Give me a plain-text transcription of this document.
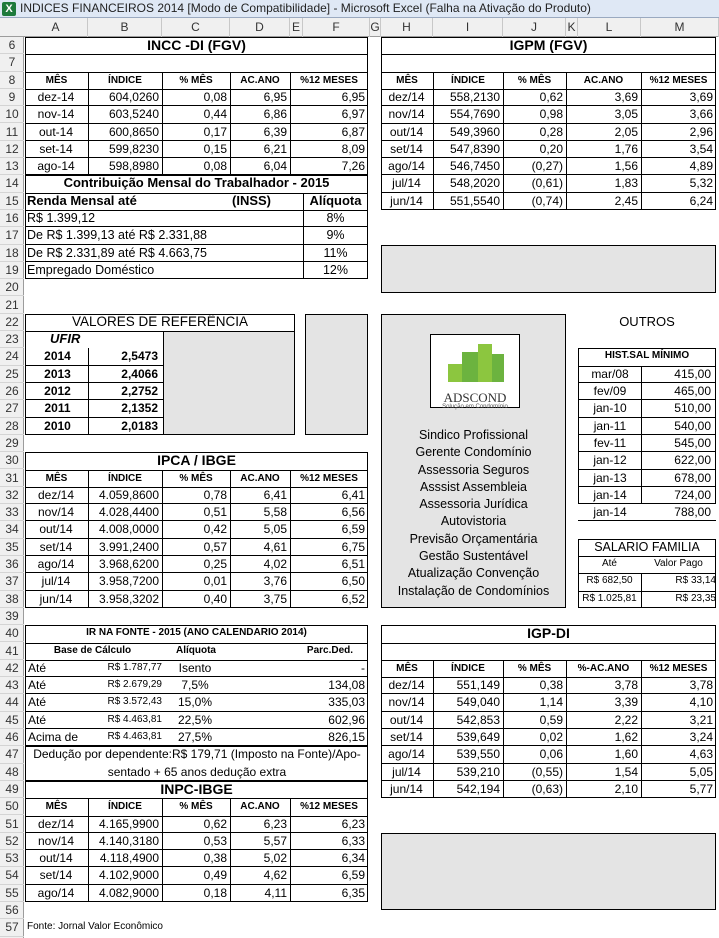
X INDICES FINANCEIROS 2014 [Modo de Compatibilidade] - Microsoft Excel (Falha na Ativação do Produto)
A	B	C	D	E	F	G	H	I	J	K	L	M
6
7
8
9
10
11
12
13
14
15
16
17
18
19
20
21
22
23
24
25
26
27
28
29
30
31
32
33
34
35
36
37
38
39
40
41
42
43
44
45
46
47
48
49
50
51
52
53
54
55
56
57
INCC -DI (FGV)
MÊS	ÍNDICE	% MÊS	AC.ANO	%12 MESES
dez-14	604,0260	0,08	6,95	6,95
nov-14	603,5240	0,44	6,86	6,97
out-14	600,8650	0,17	6,39	6,87
set-14	599,8230	0,15	6,21	8,09
ago-14	598,8980	0,08	6,04	7,26
IGPM (FGV)
MÊS	ÍNDICE	% MÊS	AC.ANO	%12 MESES
dez/14	558,2130	0,62	3,69	3,69
nov/14	554,7690	0,98	3,05	3,66
out/14	549,3960	0,28	2,05	2,96
set/14	547,8390	0,20	1,76	3,54
ago/14	546,7450	(0,27)	1,56	4,89
jul/14	548,2020	(0,61)	1,83	5,32
jun/14	551,5540	(0,74)	2,45	6,24
IPCA / IBGE
MÊS	ÍNDICE	% MÊS	AC.ANO	%12 MESES
dez/14	4.059,8600	0,78	6,41	6,41
nov/14	4.028,4400	0,51	5,58	6,56
out/14	4.008,0000	0,42	5,05	6,59
set/14	3.991,2400	0,57	4,61	6,75
ago/14	3.968,6200	0,25	4,02	6,51
jul/14	3.958,7200	0,01	3,76	6,50
jun/14	3.958,3202	0,40	3,75	6,52
IGP-DI
MÊS	ÍNDICE	% MÊS	%-AC.ANO	%12 MESES
dez/14	551,149	0,38	3,78	3,78
nov/14	549,040	1,14	3,39	4,10
out/14	542,853	0,59	2,22	3,21
set/14	539,649	0,02	1,62	3,24
ago/14	539,550	0,06	1,60	4,63
jul/14	539,210	(0,55)	1,54	5,05
jun/14	542,194	(0,63)	2,10	5,77
INPC-IBGE
MÊS	ÍNDICE	% MÊS	AC.ANO	%12 MESES
dez/14	4.165,9900	0,62	6,23	6,23
nov/14	4.140,3180	0,53	5,57	6,33
out/14	4.118,4900	0,38	5,02	6,34
set/14	4.102,9000	0,49	4,62	6,59
ago/14	4.082,9000	0,18	4,11	6,35
Contribuição Mensal do Trabalhador - 2015
Renda Mensal até	(INSS)	Alíquota
R$ 1.399,12	8%
De R$ 1.399,13 até R$ 2.331,88	9%
De R$ 2.331,89 até R$ 4.663,75	11%
Empregado Doméstico	12%
VALORES DE REFERÊNCIA
UFIR
2014	2,5473
2013	2,4066
2012	2,2752
2011	2,1352
2010	2,0183
ADSCOND
Solução em Condomínio
Sindico Profissional
Gerente Condomínio
Assessoria Seguros
Asssist Assembleia
Assessoria Jurídica
Autovistoria
Previsão Orçamentária
Gestão Sustentável
Atualização Convenção
Instalação de Condomínios
OUTROS
HIST.SAL MÍNIMO
mar/08	415,00
fev/09	465,00
jan-10	510,00
jan-11	540,00
fev-11	545,00
jan-12	622,00
jan-13	678,00
jan-14	724,00
jan-14	788,00
SALARIO FAMILIA
Até	Valor Pago
R$ 682,50	R$ 33,14
R$ 1.025,81	R$ 23,35
IR NA FONTE - 2015 (ANO CALENDARIO 2014)
Base de Cálculo	Alíquota	Parc.Ded.
Até	R$ 1.787,77	Isento	-
Até	R$ 2.679,29	7,5%	134,08
Até	R$ 3.572,43	15,0%	335,03
Até	R$ 4.463,81	22,5%	602,96
Acima de	R$ 4.463,81	27,5%	826,15
Dedução por dependente:R$ 179,71 (Imposto na Fonte)/Apo-
sentado + 65 anos dedução extra
Fonte: Jornal Valor Econômico
